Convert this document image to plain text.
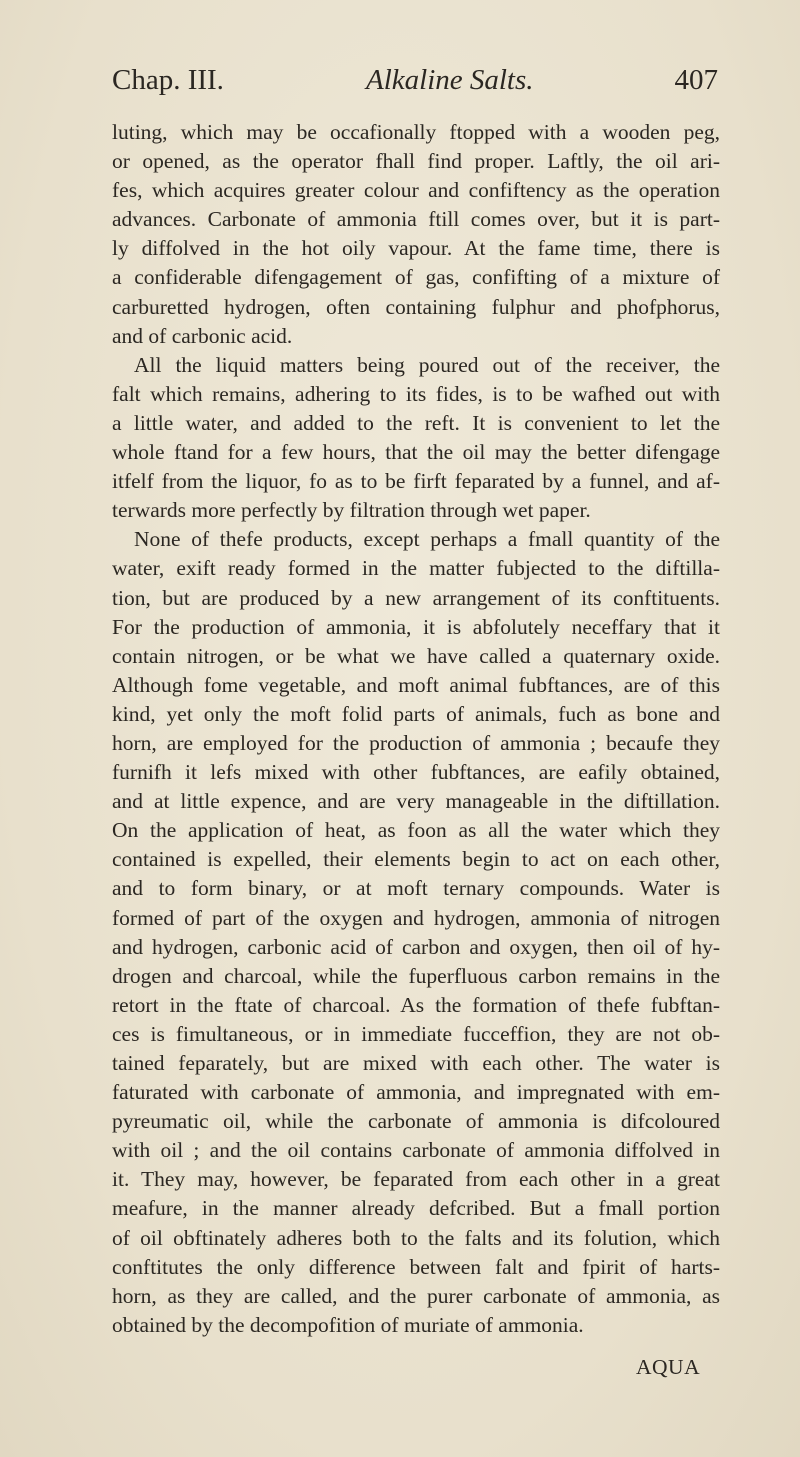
Chap. III.	Alkaline Salts.	407
luting, which may be occafionally ftopped with a wooden peg,
or opened, as the operator fhall find proper. Laftly, the oil ari-
fes, which acquires greater colour and confiftency as the operation
advances. Carbonate of ammonia ftill comes over, but it is part-
ly diffolved in the hot oily vapour. At the fame time, there is
a confiderable difengagement of gas, confifting of a mixture of
carburetted hydrogen, often containing fulphur and phofphorus,
and of carbonic acid.
All the liquid matters being poured out of the receiver, the
falt which remains, adhering to its fides, is to be wafhed out with
a little water, and added to the reft. It is convenient to let the
whole ftand for a few hours, that the oil may the better difengage
itfelf from the liquor, fo as to be firft feparated by a funnel, and af-
terwards more perfectly by filtration through wet paper.
None of thefe products, except perhaps a fmall quantity of the
water, exift ready formed in the matter fubjected to the diftilla-
tion, but are produced by a new arrangement of its conftituents.
For the production of ammonia, it is abfolutely neceffary that it
contain nitrogen, or be what we have called a quaternary oxide.
Although fome vegetable, and moft animal fubftances, are of this
kind, yet only the moft folid parts of animals, fuch as bone and
horn, are employed for the production of ammonia ; becaufe they
furnifh it lefs mixed with other fubftances, are eafily obtained,
and at little expence, and are very manageable in the diftillation.
On the application of heat, as foon as all the water which they
contained is expelled, their elements begin to act on each other,
and to form binary, or at moft ternary compounds. Water is
formed of part of the oxygen and hydrogen, ammonia of nitrogen
and hydrogen, carbonic acid of carbon and oxygen, then oil of hy-
drogen and charcoal, while the fuperfluous carbon remains in the
retort in the ftate of charcoal. As the formation of thefe fubftan-
ces is fimultaneous, or in immediate fucceffion, they are not ob-
tained feparately, but are mixed with each other. The water is
faturated with carbonate of ammonia, and impregnated with em-
pyreumatic oil, while the carbonate of ammonia is difcoloured
with oil ; and the oil contains carbonate of ammonia diffolved in
it. They may, however, be feparated from each other in a great
meafure, in the manner already defcribed. But a fmall portion
of oil obftinately adheres both to the falts and its folution, which
conftitutes the only difference between falt and fpirit of harts-
horn, as they are called, and the purer carbonate of ammonia, as
obtained by the decompofition of muriate of ammonia.
AQUA
